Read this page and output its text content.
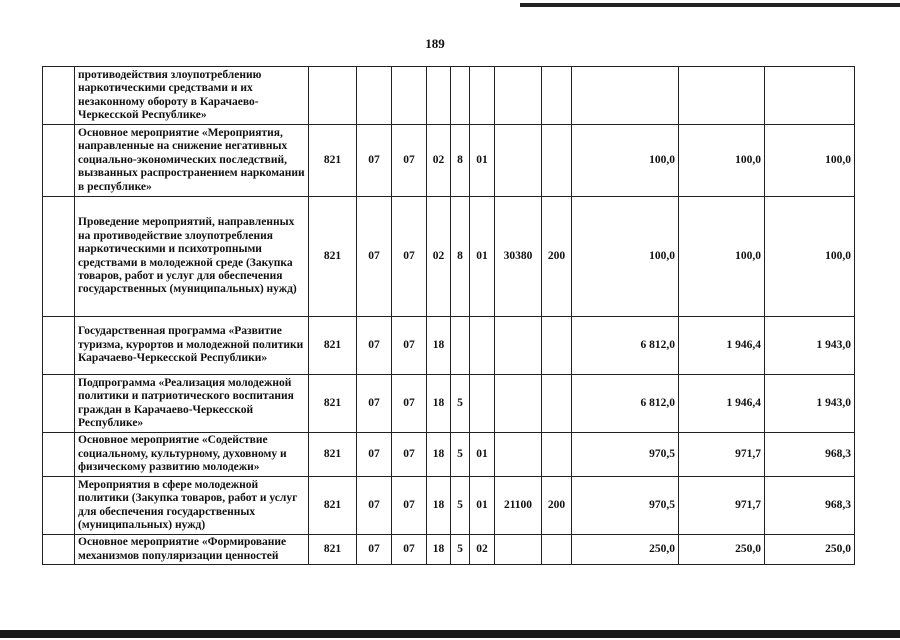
189
	противодействия злоупотреблению наркотическими средствами и их незаконному обороту в Карачаево-Черкесской Республике»											
	Основное мероприятие «Мероприятия, направленные на снижение негативных социально-экономических последствий, вызванных распространением наркомании в республике»	821	07	07	02	8	01			100,0	100,0	100,0
	Проведение мероприятий, направленных на противодействие злоупотребления наркотическими и психотропными средствами в молодежной среде (Закупка товаров, работ и услуг для обеспечения государственных (муниципальных) нужд)	821	07	07	02	8	01	30380	200	100,0	100,0	100,0
	Государственная программа «Развитие туризма, курортов и молодежной политики Карачаево-Черкесской Республики»	821	07	07	18					6 812,0	1 946,4	1 943,0
	Подпрограмма «Реализация молодежной политики и патриотического воспитания граждан в Карачаево-Черкесской Республике»	821	07	07	18	5				6 812,0	1 946,4	1 943,0
	Основное мероприятие «Содействие социальному, культурному, духовному и физическому развитию молодежи»	821	07	07	18	5	01			970,5	971,7	968,3
	Мероприятия в сфере молодежной политики (Закупка товаров, работ и услуг для обеспечения государственных (муниципальных) нужд)	821	07	07	18	5	01	21100	200	970,5	971,7	968,3
	Основное мероприятие «Формирование механизмов популяризации ценностей	821	07	07	18	5	02			250,0	250,0	250,0
